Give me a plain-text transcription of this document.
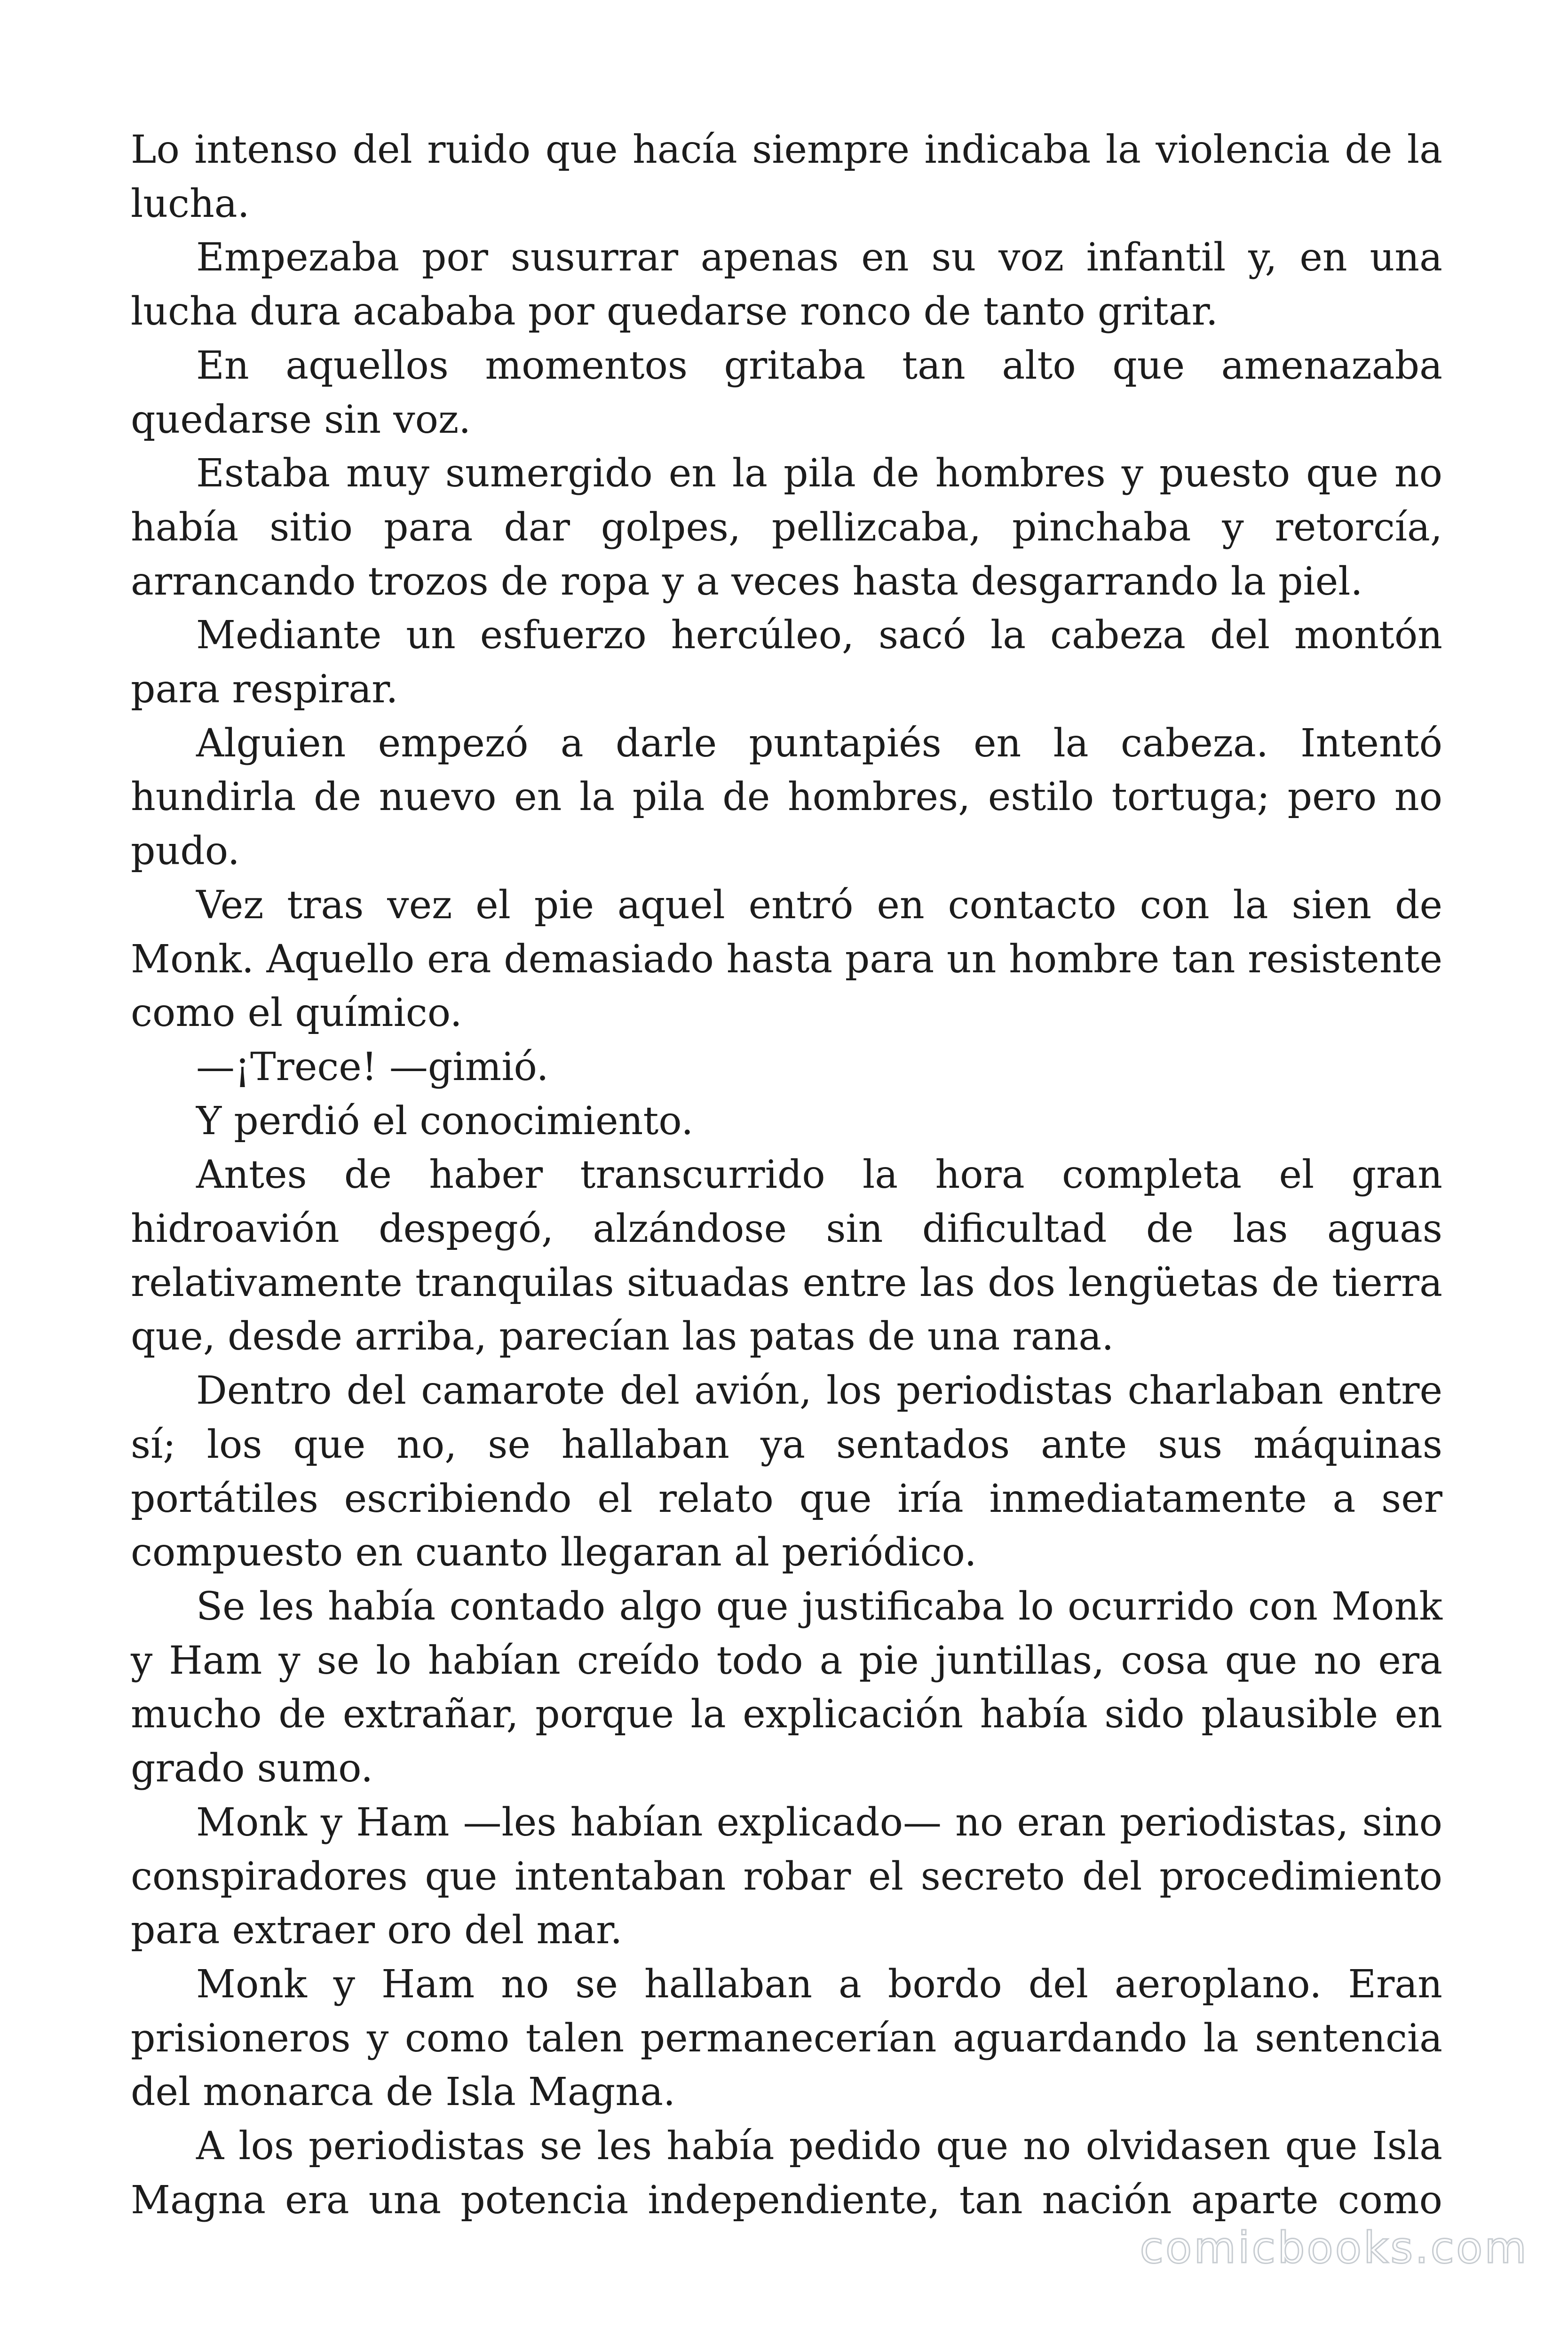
Lo intenso del ruido que hacía siempre indicaba la violencia de la lucha.

Empezaba por susurrar apenas en su voz infantil y, en una lucha dura acababa por quedarse ronco de tanto gritar.

En aquellos momentos gritaba tan alto que amenazaba quedarse sin voz.

Estaba muy sumergido en la pila de hombres y puesto que no había sitio para dar golpes, pellizcaba, pinchaba y retorcía, arrancando trozos de ropa y a veces hasta desgarrando la piel.

Mediante un esfuerzo hercúleo, sacó la cabeza del montón para respirar.

Alguien empezó a darle puntapiés en la cabeza. Intentó hundirla de nuevo en la pila de hombres, estilo tortuga; pero no pudo.

Vez tras vez el pie aquel entró en contacto con la sien de Monk. Aquello era demasiado hasta para un hombre tan resistente como el químico.

—¡Trece! —gimió.

Y perdió el conocimiento.

Antes de haber transcurrido la hora completa el gran hidroavión despegó, alzándose sin dificultad de las aguas relativamente tranquilas situadas entre las dos lengüetas de tierra que, desde arriba, parecían las patas de una rana.

Dentro del camarote del avión, los periodistas charlaban entre sí; los que no, se hallaban ya sentados ante sus máquinas portátiles escribiendo el relato que iría inmediatamente a ser compuesto en cuanto llegaran al periódico.

Se les había contado algo que justificaba lo ocurrido con Monk y Ham y se lo habían creído todo a pie juntillas, cosa que no era mucho de extrañar, porque la explicación había sido plausible en grado sumo.

Monk y Ham —les habían explicado— no eran periodistas, sino conspiradores que intentaban robar el secreto del procedimiento para extraer oro del mar.

Monk y Ham no se hallaban a bordo del aeroplano. Eran prisioneros y como talen permanecerían aguardando la sentencia del monarca de Isla Magna.

A los periodistas se les había pedido que no olvidasen que Isla Magna era una potencia independiente, tan nación aparte como

comicbooks.com
